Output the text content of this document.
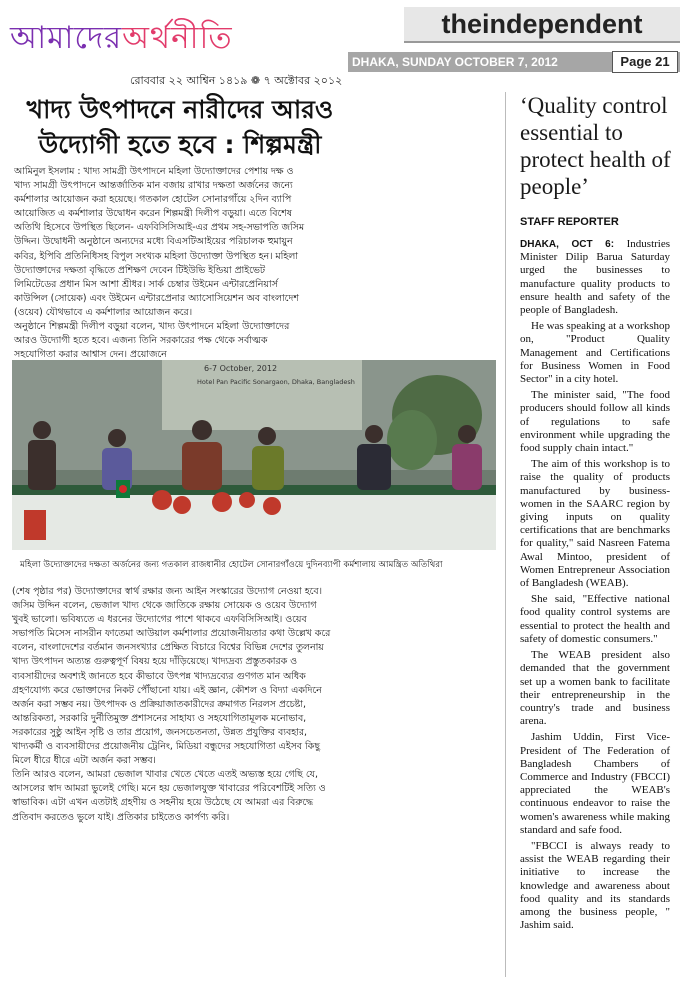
আমাদেরঅর্থনীতি
রোববার ২২ আশ্বিন ১৪১৯ ❁ ৭ অক্টোবর ২০১২
theindependent
DHAKA, SUNDAY OCTOBER 7, 2012	Page 21
খাদ্য উৎপাদনে নারীদের আরও
উদ্যোগী হতে হবে : শিল্পমন্ত্রী
আমিনুল ইসলাম : খাদ্য সামগ্রী উৎপাদনে মহিলা উদ্যোক্তাদের পেশায় দক্ষ ও
খাদ্য সামগ্রী উৎপাদনে আন্তর্জাতিক মান বজায় রাখার দক্ষতা অর্জনের জন্যে
কর্মশালার আয়োজন করা হয়েছে। গতকাল হোটেল সোনারগাঁয়ে ২দিন ব্যাপি
আয়োজিত এ কর্মশালার উদ্বোধন করেন শিল্পমন্ত্রী দিলীপ বড়ুয়া। এতে বিশেষ
অতিথি হিসেবে উপস্থিত ছিলেন- এফবিসিসিআই-এর প্রথম সহ-সভাপতি জসিম
উদ্দিন। উদ্বোধনী অনুষ্ঠানে অন্যদের মধ্যে বিএসটিআইয়ের পরিচালক হুমায়ুন
কবির, ইপিবি প্রতিনিধিসহ বিপুল সংখ্যক মহিলা উদ্যোক্তা উপস্থিত হন। মহিলা
উদ্যোক্তাদের দক্ষতা বৃদ্ধিতে প্রশিক্ষণ দেবেন টিইউভি ইন্ডিয়া প্রাইভেট
লিমিটেডের প্রধান মিস আশা শ্রীধর। সার্ক চেম্বার উইমেন এন্টারপ্রেনিয়ার্স
কাউন্সিল (সোয়েক) এবং উইমেন এন্টারপ্রেনার অ্যাসোসিয়েশন অব বাংলাদেশ
(ওয়েব) যৌথভাবে এ কর্মশালার আয়োজন করে।
অনুষ্ঠানে শিল্পমন্ত্রী দিলীপ বড়ুয়া বলেন, খাদ্য উৎপাদনে মহিলা উদ্যোক্তাদের
আরও উদ্যোগী হতে হবে। এজন্য তিনি সরকারের পক্ষ থেকে সর্বাত্মক
সহযোগিতা করার আশ্বাস দেন। প্রয়োজনে
6-7 October, 2012
Hotel Pan Pacific Sonargaon, Dhaka, Bangladesh
মহিলা উদ্যোক্তাদের দক্ষতা অর্জনের জন্য গতকাল রাজধানীর হোটেল সোনারগাঁওয়ে দুদিনব্যাপী কর্মশালায় আমন্ত্রিত অতিথিরা
(শেষ পৃষ্ঠার পর) উদ্যোক্তাদের স্বার্থ রক্ষার জন্য আইন সংস্কারের উদ্যোগ নেওয়া হবে।
জসিম উদ্দিন বলেন, ভেজাল খাদ্য থেকে জাতিকে রক্ষায় সোয়েক ও ওয়েব উদ্যোগ
খুবই ভালো। ভবিষ্যতে এ ধরনের উদ্যোগের পাশে থাকবে এফবিসিসিআই। ওয়েব
সভাপতি মিসেস নাসরীন ফাতেমা আউয়াল কর্মশালার প্রয়োজনীয়তার কথা উল্লেখ করে
বলেন, বাংলাদেশের বর্তমান জনসংখ্যার প্রেক্ষিত বিচারে বিশ্বের বিভিন্ন দেশের তুলনায়
খাদ্য উৎপাদন অত্যন্ত গুরুত্বপূর্ণ বিষয় হয়ে দাঁড়িয়েছে। খাদ্যদ্রব্য প্রস্তুতকারক ও
ব্যবসায়ীদের অবশ্যই জানতে হবে কীভাবে উৎপন্ন খাদ্যদ্রব্যের গুণগত মান অধিক
গ্রহণযোগ্য করে ভোক্তাদের নিকট পৌঁছানো যায়। এই জ্ঞান, কৌশল ও বিদ্যা একদিনে
অর্জন করা সম্ভব নয়। উৎপাদক ও প্রক্রিয়াজাতকারীদের ক্রমাগত নিরলস প্রচেষ্টা,
আন্তরিকতা, সরকারি দুর্নীতিমুক্ত প্রশাসনের সাহায্য ও সহযোগিতামূলক মনোভাব,
সরকারের সুষ্ঠু আইন সৃষ্টি ও তার প্রয়োগ, জনসচেতনতা, উন্নত প্রযুক্তির ব্যবহার,
খাদ্যকর্মী ও ব্যবসায়ীদের প্রয়োজনীয় ট্রেনিং, মিডিয়া বন্ধুদের সহযোগিতা এইসব কিছু
মিলে ধীরে ধীরে এটা অর্জন করা সম্ভব।
তিনি আরও বলেন, আমরা ভেজাল খাবার খেতে খেতে এতই অভ্যস্ত হয়ে গেছি যে,
আসলের স্বাদ আমরা ভুলেই গেছি। মনে হয় ভেজালযুক্ত খাবারের পরিবেশটিই সত্যি ও
স্বাভাবিক। এটা এখন এতটাই গ্রহণীয় ও সহনীয় হয়ে উঠেছে যে আমরা এর বিরুদ্ধে
প্রতিবাদ করতেও ভুলে যাই। প্রতিকার চাইতেও কার্পণ্য করি।
‘Quality control essential to protect health of people’
STAFF REPORTER

DHAKA, OCT 6: Industries Minister Dilip Barua Saturday urged the businesses to manufacture quality products to ensure health and safety of the people of Bangladesh.

He was speaking at a workshop on, "Product Quality Management and Certifications for Business Women in Food Sector" in a city hotel.

The minister said, "The food producers should follow all kinds of regulations to safe environment while upgrading the food supply chain intact."

The aim of this workshop is to raise the quality of products manufactured by business-women in the SAARC region by giving inputs on quality certifications that are benchmarks for quality," said Nasreen Fatema Awal Mintoo, president of Women Entrepreneur Association of Bangladesh (WEAB).

She said, "Effective national food quality control systems are essential to protect the health and safety of domestic consumers."

The WEAB president also demanded that the government set up a women bank to facilitate their entrepreneurship in the country's trade and business arena.

Jashim Uddin, First Vice-President of The Federation of Bangladesh Chambers of Commerce and Industry (FBCCI) appreciated the WEAB's continuous endeavor to raise the women's awareness while making standard and safe food.

"FBCCI is always ready to assist the WEAB regarding their initiative to increase the knowledge and awareness about food quality and its standards among the business people, " Jashim said.
